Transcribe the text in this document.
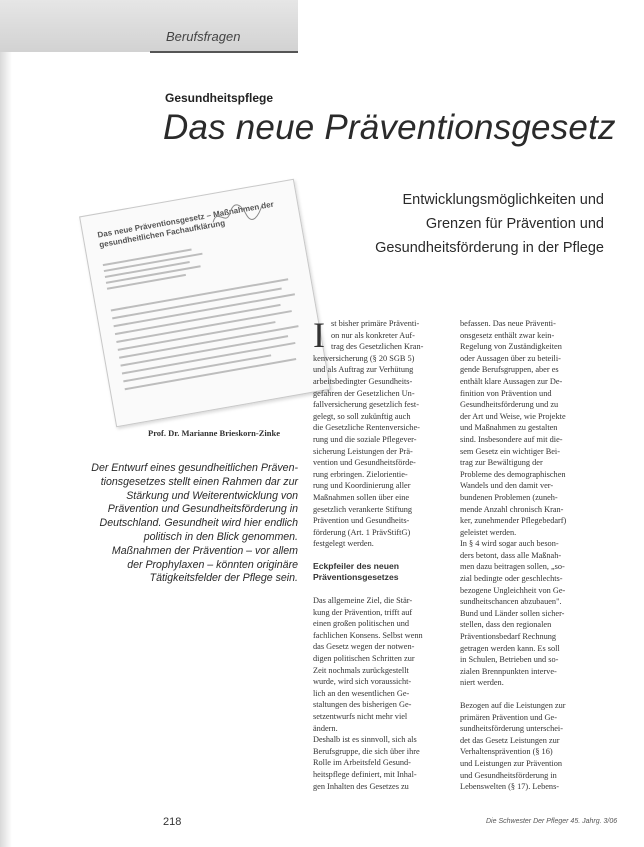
Berufsfragen
Gesundheitspflege
Das neue Präventionsgesetz
Entwicklungsmöglichkeiten und
Grenzen für Prävention und
Gesundheitsförderung in der Pflege
Das neue Präventionsgesetz – Maßnahmen der gesundheitlichen Fachaufklärung
Prof. Dr. Marianne Brieskorn-Zinke
Der Entwurf eines gesundheitlichen Präven-
tionsgesetzes stellt einen Rahmen dar zur
Stärkung und Weiterentwicklung von
Prävention und Gesundheitsförderung in
Deutschland. Gesundheit wird hier endlich
politisch in den Blick genommen.
Maßnahmen der Prävention – vor allem
der Prophylaxen – könnten originäre
Tätigkeitsfelder der Pflege sein.
I st bisher primäre Präventi-
on nur als konkreter Auf-
trag des Gesetzlichen Kran-
kenversicherung (§ 20 SGB 5)
und als Auftrag zur Verhütung
arbeitsbedingter Gesundheits-
gefahren der Gesetzlichen Un-
fallversicherung gesetzlich fest-
gelegt, so soll zukünftig auch
die Gesetzliche Rentenversiche-
rung und die soziale Pflegever-
sicherung Leistungen der Prä-
vention und Gesundheitsförde-
rung erbringen. Zielorientie-
rung und Koordinierung aller
Maßnahmen sollen über eine
gesetzlich verankerte Stiftung
Prävention und Gesundheits-
förderung (Art. 1 PrävStiftG)
festgelegt werden.
Eckpfeiler des neuen
Präventionsgesetzes
Das allgemeine Ziel, die Stär-
kung der Prävention, trifft auf
einen großen politischen und
fachlichen Konsens. Selbst wenn
das Gesetz wegen der notwen-
digen politischen Schritten zur
Zeit nochmals zurückgestellt
wurde, wird sich voraussicht-
lich an den wesentlichen Ge-
staltungen des bisherigen Ge-
setzentwurfs nicht mehr viel
ändern.
Deshalb ist es sinnvoll, sich als
Berufsgruppe, die sich über ihre
Rolle im Arbeitsfeld Gesund-
heitspflege definiert, mit Inhal-
gen Inhalten des Gesetzes zu
befassen. Das neue Präventi-
onsgesetz enthält zwar kein-
Regelung von Zuständigkeiten
oder Aussagen über zu beteili-
gende Berufsgruppen, aber es
enthält klare Aussagen zur De-
finition von Prävention und
Gesundheitsförderung und zu
der Art und Weise, wie Projekte
und Maßnahmen zu gestalten
sind. Insbesondere auf mit die-
sem Gesetz ein wichtiger Bei-
trag zur Bewältigung der
Probleme des demographischen
Wandels und den damit ver-
bundenen Problemen (zuneh-
mende Anzahl chronisch Kran-
ker, zunehmender Pflegebedarf)
geleistet werden.
In § 4 wird sogar auch beson-
ders betont, dass alle Maßnah-
men dazu beitragen sollen, „so-
zial bedingte oder geschlechts-
bezogene Ungleichheit von Ge-
sundheitschancen abzubauen".
Bund und Länder sollen sicher-
stellen, dass den regionalen
Präventionsbedarf Rechnung
getragen werden kann. Es soll
in Schulen, Betrieben und so-
zialen Brennpunkten interve-
niert werden.
Bezogen auf die Leistungen zur
primären Prävention und Ge-
sundheitsförderung unterschei-
det das Gesetz Leistungen zur
Verhaltensprävention (§ 16)
und Leistungen zur Prävention
und Gesundheitsförderung in
Lebenswelten (§ 17). Lebens-
218	Die Schwester Der Pfleger 45. Jahrg. 3/06
